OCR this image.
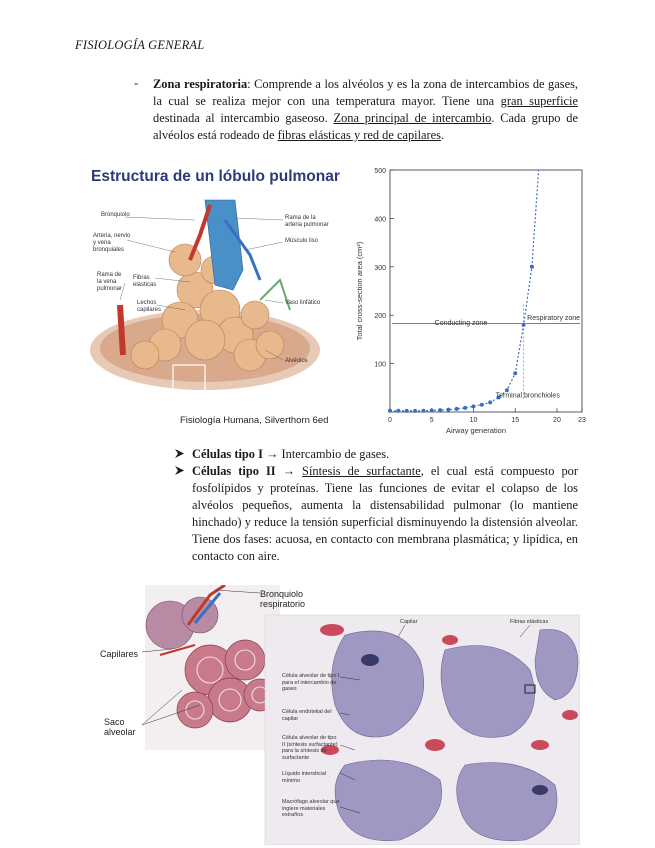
FISIOLOGÍA GENERAL
- Zona respiratoria: Comprende a los alvéolos y es la zona de intercambios de gases, la cual se realiza mejor con una temperatura mayor. Tiene una gran superficie destinada al intercambio gaseoso. Zona principal de intercambio. Cada grupo de alvéolos está rodeado de fibras elásticas y red de capilares.
Estructura de un lóbulo pulmonar
Bronquiolo
Arteria, nervio y vena bronquiales
Rama de la arteria pulmonar
Músculo liso
Rama de la vena pulmonar
Fibras elásticas
Lechos capilares
Vaso linfático
Alvéolos
Fisiología Humana, Silverthorn 6ed
100
200
300
400
500
0	5	10	15	20 23
Airway generation
Total cross-section area (cm²)	Conducting zone
Respiratory zone
Terminal bronchioles
Células tipo I → Intercambio de gases.
Células tipo II → Síntesis de surfactante, el cual está compuesto por fosfolípidos y proteínas. Tiene las funciones de evitar el colapso de los alvéolos pequeños, aumenta la distensabilidad pulmonar (lo mantiene hinchado) y reduce la tensión superficial disminuyendo la distensión alveolar. Tiene dos fases: acuosa, en contacto con membrana plasmática; y lipídica, en contacto con aire.
Bronquiolo respiratorio
Capilares
Saco alveolar
Capilar	Fibras elásticas
Célula alveolar de tipo I para el intercambio de gases
Célula endotelial del capilar
Célula alveolar de tipo II (síntesis surfactante) para la síntesis de surfactante
Líquido intersticial mínimo
Macrófago alveolar que ingiere materiales extraños
